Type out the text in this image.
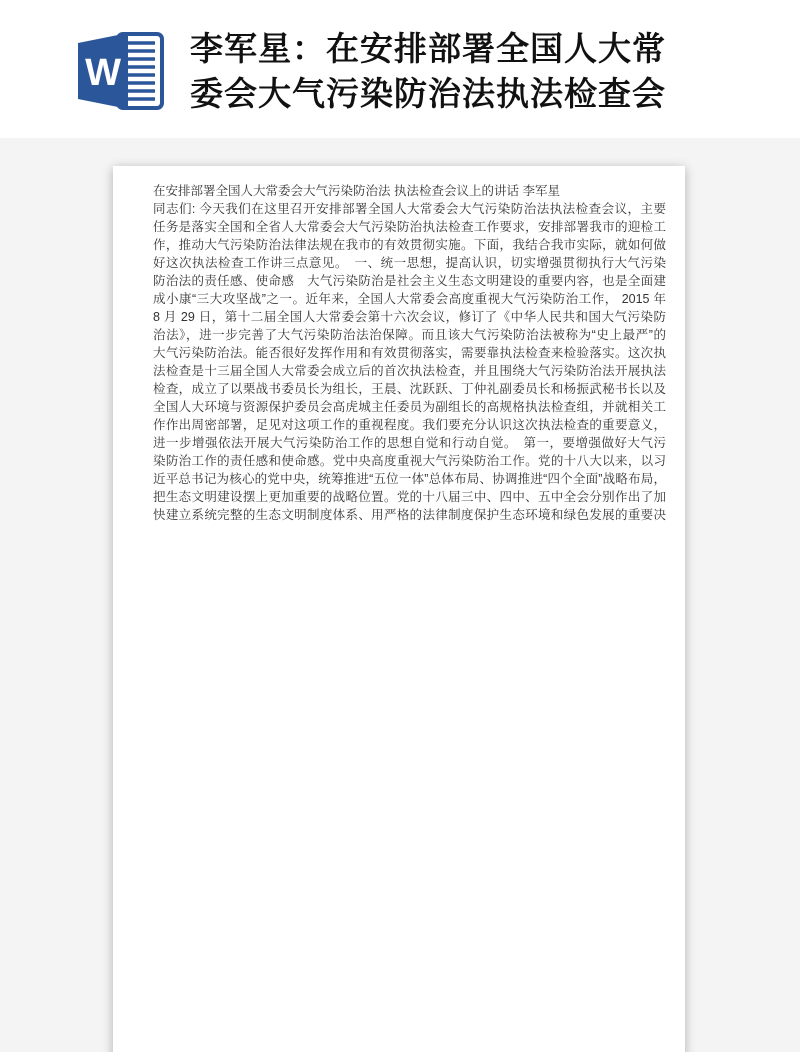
W
李军星：在安排部署全国人大常委会大气污染防治法执法检查会
在安排部署全国人大常委会大气污染防治法 执法检查会议上的讲话 李军星
同志们: 今天我们在这里召开安排部署全国人大常委会大气污染防治法执法检查会议，主要
任务是落实全国和全省人大常委会大气污染防治执法检查工作要求，安排部署我市的迎检工
作，推动大气污染防治法律法规在我市的有效贯彻实施。下面，我结合我市实际，就如何做
好这次执法检查工作讲三点意见。　一、统一思想，提高认识，切实增强贯彻执行大气污染
防治法的责任感、使命感　大气污染防治是社会主义生态文明建设的重要内容，也是全面建
成小康“三大攻坚战”之一。近年来，全国人大常委会高度重视大气污染防治工作， 2015 年
8 月 29 日，第十二届全国人大常委会第十六次会议，修订了《中华人民共和国大气污染防
治法》，进一步完善了大气污染防治法治保障。而且该大气污染防治法被称为“史上最严”的
大气污染防治法。能否很好发挥作用和有效贯彻落实，需要靠执法检查来检验落实。这次执
法检查是十三届全国人大常委会成立后的首次执法检查，并且围绕大气污染防治法开展执法
检查，成立了以栗战书委员长为组长，王晨、沈跃跃、丁仲礼副委员长和杨振武秘书长以及
全国人大环境与资源保护委员会高虎城主任委员为副组长的高规格执法检查组，并就相关工
作作出周密部署，足见对这项工作的重视程度。我们要充分认识这次执法检查的重要意义，
进一步增强依法开展大气污染防治工作的思想自觉和行动自觉。　第一，要增强做好大气污
染防治工作的责任感和使命感。党中央高度重视大气污染防治工作。党的十八大以来，以习
近平总书记为核心的党中央，统筹推进“五位一体”总体布局、协调推进“四个全面”战略布局，
把生态文明建设摆上更加重要的战略位置。党的十八届三中、四中、五中全会分别作出了加
快建立系统完整的生态文明制度体系、用严格的法律制度保护生态环境和绿色发展的重要决
